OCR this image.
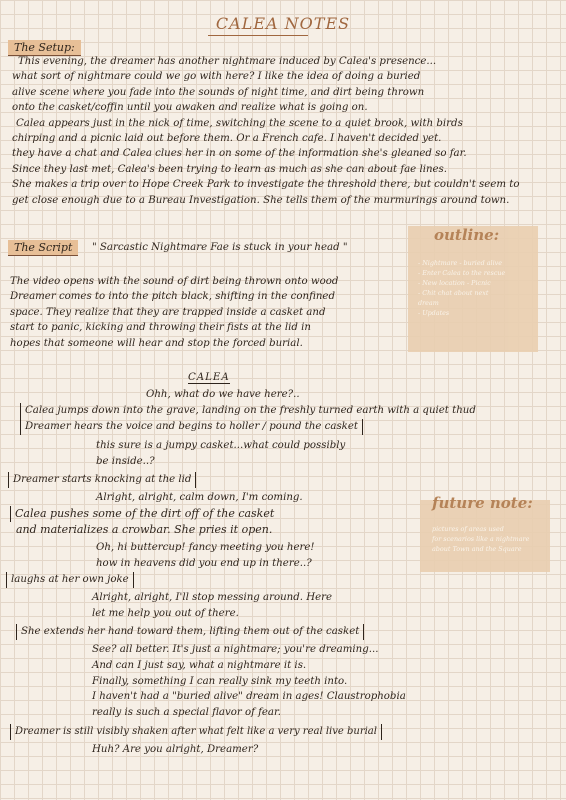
CALEA NOTES
The Setup:
This evening, the dreamer has another nightmare induced by Calea's presence...
what sort of nightmare could we go with here? I like the idea of doing a buried
alive scene where you fade into the sounds of night time, and dirt being thrown
onto the casket/coffin until you awaken and realize what is going on.
Calea appears just in the nick of time, switching the scene to a quiet brook, with birds
chirping and a picnic laid out before them. Or a French cafe. I haven't decided yet.
they have a chat and Calea clues her in on some of the information she's gleaned so far.
Since they last met, Calea's been trying to learn as much as she can about fae lines.
She makes a trip over to Hope Creek Park to investigate the threshold there, but couldn't seem to
get close enough due to a Bureau Investigation. She tells them of the murmurings around town.
The Script	" Sarcastic Nightmare Fae is stuck in your head "
outline:
- Nightmare - buried alive
- Enter Calea to the rescue
- New location - Picnic
- Chit chat about next
dream
- Updates
The video opens with the sound of dirt being thrown onto wood
Dreamer comes to into the pitch black, shifting in the confined
space. They realize that they are trapped inside a casket and
start to panic, kicking and throwing their fists at the lid in
hopes that someone will hear and stop the forced burial.
CALEA
Ohh, what do we have here?..
Calea jumps down into the grave, landing on the freshly turned earth with a quiet thud
Dreamer hears the voice and begins to holler / pound the casket
this sure is a jumpy casket...what could possibly
be inside..?
Dreamer starts knocking at the lid
Alright, alright, calm down, I'm coming.
Calea pushes some of the dirt off of the casket
and materializes a crowbar. She pries it open.
future note:
pictures of areas used
for scenarios like a nightmare
about Town and the Square
Oh, hi buttercup! fancy meeting you here!
how in heavens did you end up in there..?
laughs at her own joke
Alright, alright, I'll stop messing around. Here
let me help you out of there.
She extends her hand toward them, lifting them out of the casket
See? all better. It's just a nightmare; you're dreaming...
And can I just say, what a nightmare it is.
Finally, something I can really sink my teeth into.
I haven't had a "buried alive" dream in ages! Claustrophobia
really is such a special flavor of fear.
Dreamer is still visibly shaken after what felt like a very real live burial
Huh? Are you alright, Dreamer?
